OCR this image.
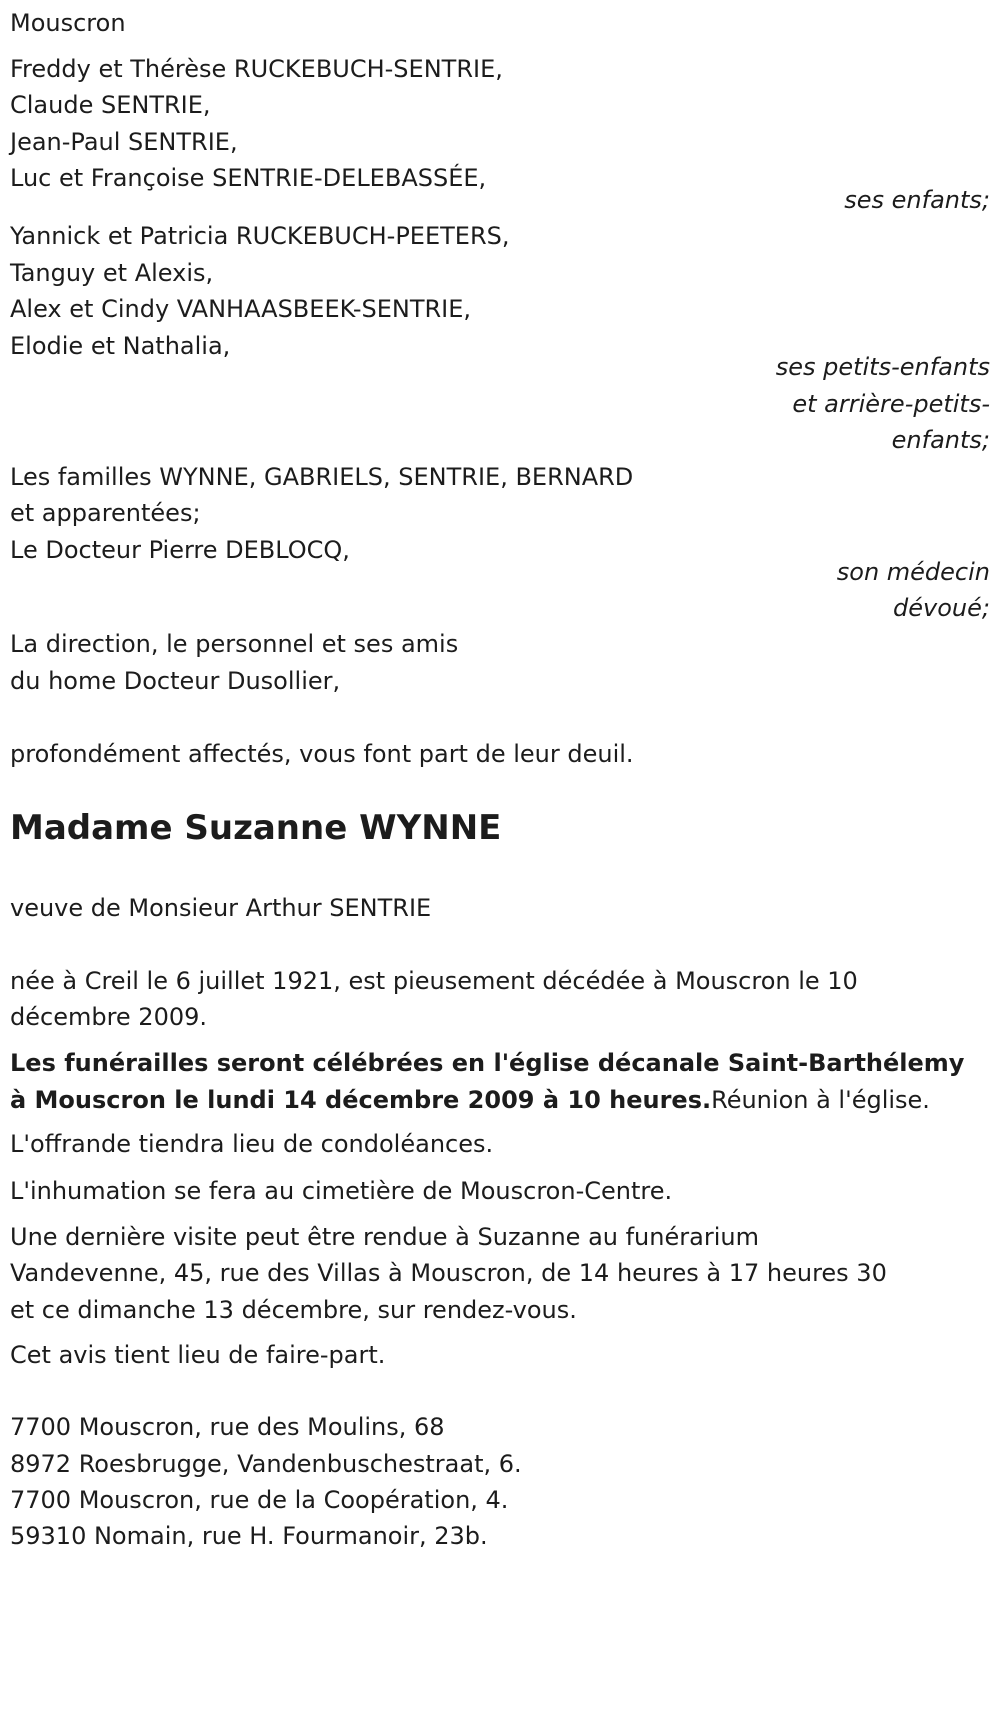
Mouscron
Freddy et Thérèse RUCKEBUCH-SENTRIE,
Claude SENTRIE,
Jean-Paul SENTRIE,
Luc et Françoise SENTRIE-DELEBASSÉE,
ses enfants;
Yannick et Patricia RUCKEBUCH-PEETERS,
Tanguy et Alexis,
Alex et Cindy VANHAASBEEK-SENTRIE,
Elodie et Nathalia,
ses petits-enfants
et arrière-petits-
enfants;
Les familles WYNNE, GABRIELS, SENTRIE, BERNARD
et apparentées;
Le Docteur Pierre DEBLOCQ,
son médecin
dévoué;
La direction, le personnel et ses amis
du home Docteur Dusollier,
profondément affectés, vous font part de leur deuil.
Madame Suzanne WYNNE
veuve de Monsieur Arthur SENTRIE
née à Creil le 6 juillet 1921, est pieusement décédée à Mouscron le 10
décembre 2009.
Les funérailles seront célébrées en l'église décanale Saint-Barthélemy
à Mouscron le lundi 14 décembre 2009 à 10 heures.Réunion à l'église.
L'offrande tiendra lieu de condoléances.
L'inhumation se fera au cimetière de Mouscron-Centre.
Une dernière visite peut être rendue à Suzanne au funérarium
Vandevenne, 45, rue des Villas à Mouscron, de 14 heures à 17 heures 30
et ce dimanche 13 décembre, sur rendez-vous.
Cet avis tient lieu de faire-part.
7700 Mouscron, rue des Moulins, 68
8972 Roesbrugge, Vandenbuschestraat, 6.
7700 Mouscron, rue de la Coopération, 4.
59310 Nomain, rue H. Fourmanoir, 23b.
